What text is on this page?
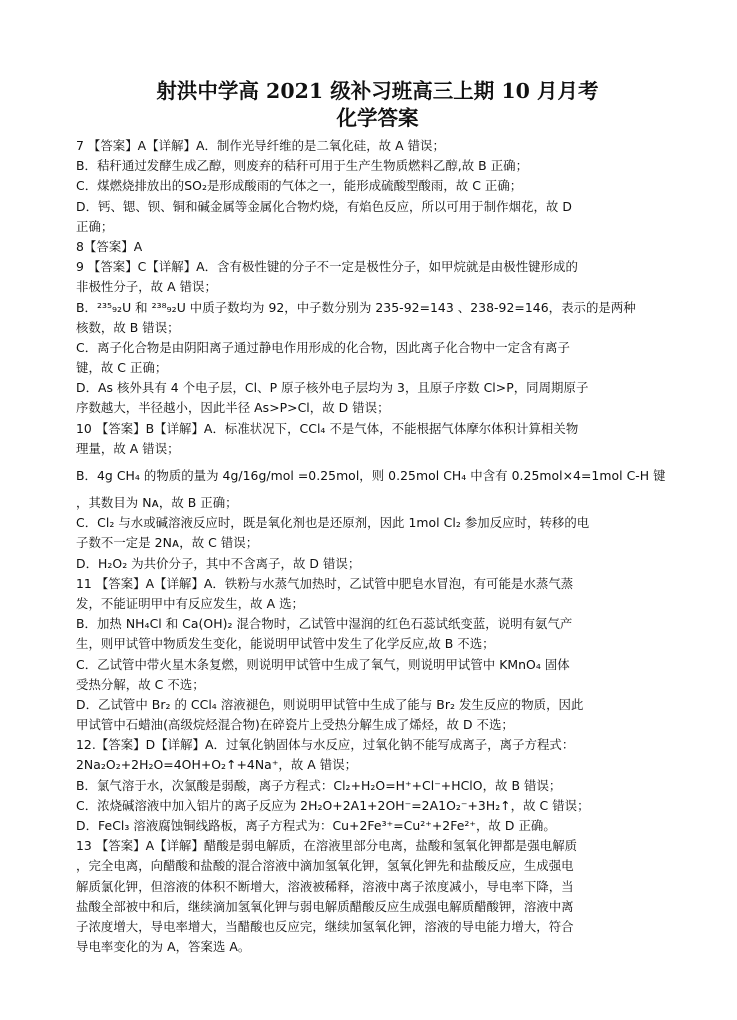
射洪中学高 2021 级补习班高三上期 10 月月考
化学答案
7 【答案】A【详解】A．制作光导纤维的是二氧化硅，故 A 错误；
B．秸秆通过发酵生成乙醇，则废弃的秸秆可用于生产生物质燃料乙醇,故 B 正确；
C．煤燃烧排放出的SO₂是形成酸雨的气体之一，能形成硫酸型酸雨，故 C 正确；
D．钙、锶、钡、铜和碱金属等金属化合物灼烧，有焰色反应，所以可用于制作烟花，故 D
正确；
8【答案】A
9 【答案】C【详解】A．含有极性键的分子不一定是极性分子，如甲烷就是由极性键形成的
非极性分子，故 A 错误；
B．²³⁵₉₂U 和 ²³⁸₉₂U 中质子数均为 92，中子数分别为 235-92=143 、238-92=146，表示的是两种
核数，故 B 错误；
C．离子化合物是由阴阳离子通过静电作用形成的化合物，因此离子化合物中一定含有离子
键，故 C 正确；
D．As 核外具有 4 个电子层，Cl、P 原子核外电子层均为 3，且原子序数 Cl>P，同周期原子
序数越大，半径越小，因此半径 As>P>Cl，故 D 错误；
10 【答案】B【详解】A．标准状况下，CCl₄ 不是气体，不能根据气体摩尔体积计算相关物
理量，故 A 错误；
B．4g CH₄ 的物质的量为 4g/16g/mol =0.25mol，则 0.25mol CH₄ 中含有 0.25mol×4=1mol C-H 键
，其数目为 Nᴀ，故 B 正确；
C．Cl₂ 与水或碱溶液反应时，既是氧化剂也是还原剂，因此 1mol Cl₂ 参加反应时，转移的电
子数不一定是 2Nᴀ，故 C 错误；
D．H₂O₂ 为共价分子，其中不含离子，故 D 错误；
11 【答案】A【详解】A．铁粉与水蒸气加热时，乙试管中肥皂水冒泡，有可能是水蒸气蒸
发，不能证明甲中有反应发生，故 A 选；
B．加热 NH₄Cl 和 Ca(OH)₂ 混合物时，乙试管中湿润的红色石蕊试纸变蓝，说明有氨气产
生，则甲试管中物质发生变化，能说明甲试管中发生了化学反应,故 B 不选；
C．乙试管中带火星木条复燃，则说明甲试管中生成了氧气，则说明甲试管中 KMnO₄ 固体
受热分解，故 C 不选；
D．乙试管中 Br₂ 的 CCl₄ 溶液褪色，则说明甲试管中生成了能与 Br₂ 发生反应的物质，因此
甲试管中石蜡油(高级烷烃混合物)在碎瓷片上受热分解生成了烯烃，故 D 不选；
12.【答案】D【详解】A．过氧化钠固体与水反应，过氧化钠不能写成离子，离子方程式：
2Na₂O₂+2H₂O=4OH+O₂↑+4Na⁺，故 A 错误；
B．氯气溶于水，次氯酸是弱酸，离子方程式：Cl₂+H₂O=H⁺+Cl⁻+HClO，故 B 错误；
C．浓烧碱溶液中加入铝片的离子反应为 2H₂O+2A1+2OH⁻=2A1O₂⁻+3H₂↑，故 C 错误；
D．FeCl₃ 溶液腐蚀铜线路板，离子方程式为：Cu+2Fe³⁺=Cu²⁺+2Fe²⁺，故 D 正确。
13 【答案】A【详解】醋酸是弱电解质，在溶液里部分电离，盐酸和氢氧化钾都是强电解质
，完全电离，向醋酸和盐酸的混合溶液中滴加氢氧化钾，氢氧化钾先和盐酸反应，生成强电
解质氯化钾，但溶液的体积不断增大，溶液被稀释，溶液中离子浓度减小，导电率下降，当
盐酸全部被中和后，继续滴加氢氧化钾与弱电解质醋酸反应生成强电解质醋酸钾，溶液中离
子浓度增大，导电率增大，当醋酸也反应完，继续加氢氧化钾，溶液的导电能力增大，符合
导电率变化的为 A，答案选 A。
